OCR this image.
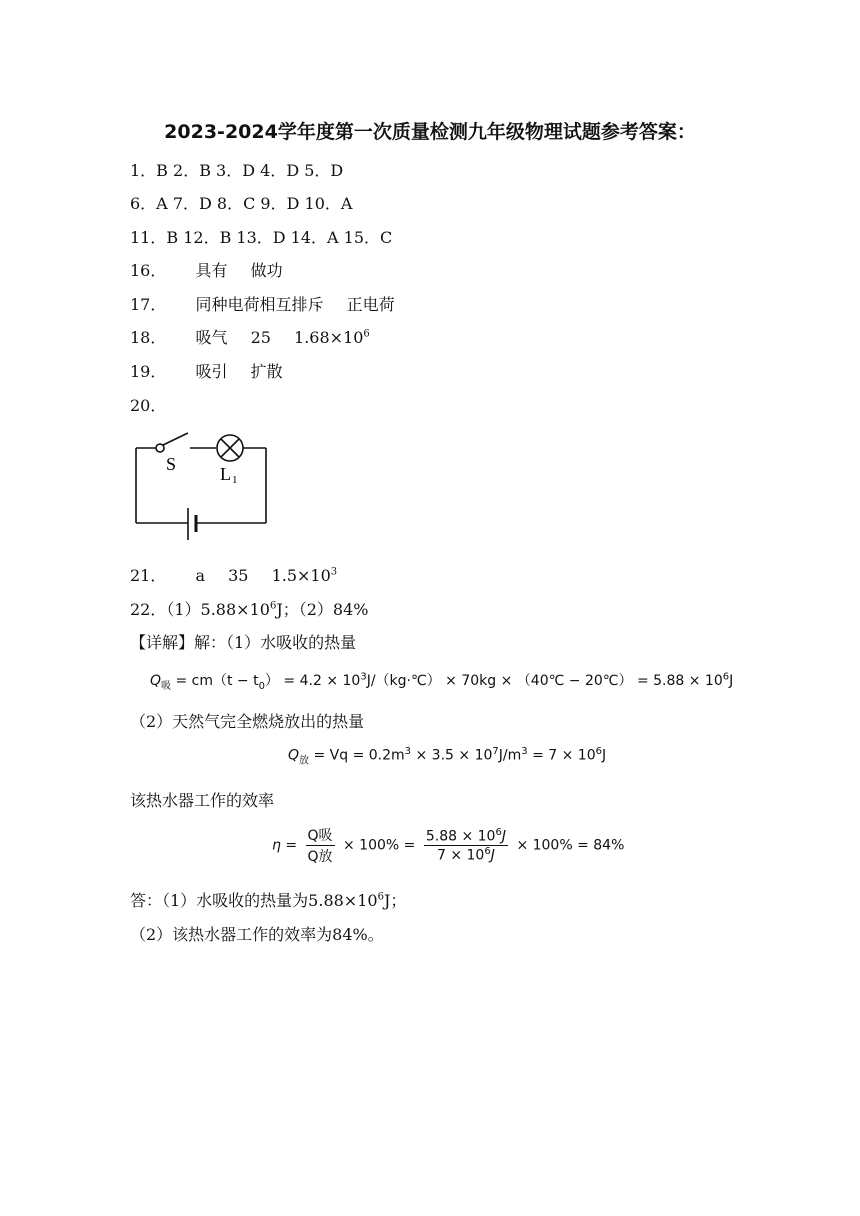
2023-2024学年度第一次质量检测九年级物理试题参考答案：
1．B 2．B 3．D 4．D 5．D
6．A 7．D 8．C 9．D 10．A
11．B 12．B 13．D 14．A 15．C
16． 具有 做功
17． 同种电荷相互排斥 正电荷
18． 吸气 25 $1.68\times 10^6$
19． 吸引 扩散
20．
S L 1
21． a 35 $1.5\times 10^3$
22．$(1)5.88\times 10^6J$；（2）84%
【详解】解：（1）水吸收的热量
$Q_吸 = cm(t - t_0) = 4.2$ × $10^3J/(kg\cdot℃) \times 70kg$ × （40℃ − 20℃） = $5.88 \times 10^6J$
（2）天然气完全燃烧放出的热量
$Q_放 = Vq = 0.2m^3 \times 3.5 \times 10^7J/m^3 = 7 \times 10^6J$
该热水器工作的效率
$\eta = \frac{\text{Q吸}}{\text{Q放}} \times 100\% = \frac{5.88 \times 10^6J}{7 \times 10^6J} \times 100\% = 84\%$
答：（1）水吸收的热量为$5.88\times 10^6J$；
（2）该热水器工作的效率为84%。
